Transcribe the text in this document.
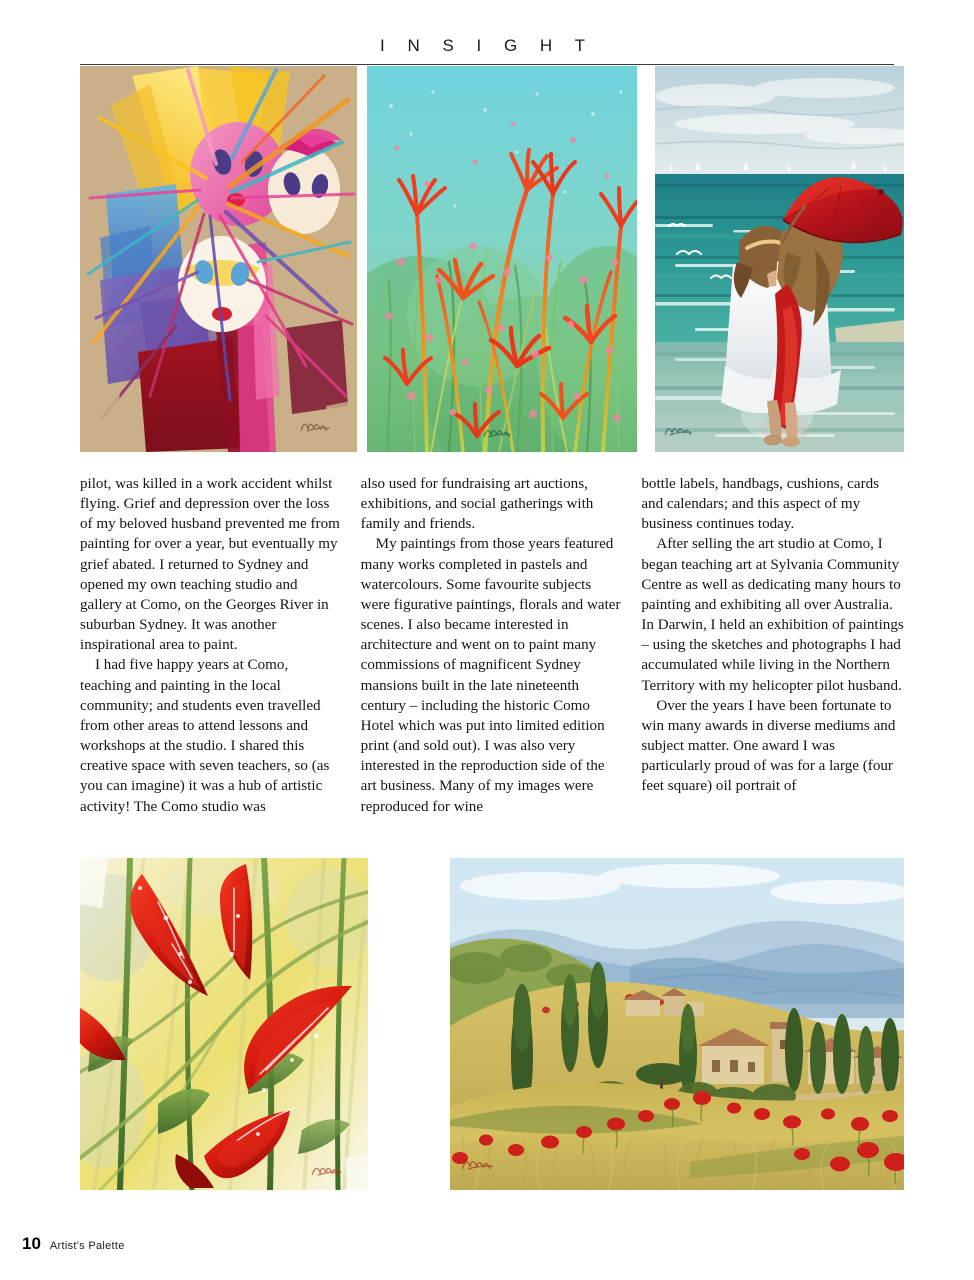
I N S I G H T

pilot, was killed in a work accident whilst flying. Grief and depression over the loss of my beloved husband prevented me from painting for over a year, but eventually my grief abated. I returned to Sydney and opened my own teaching studio and gallery at Como, on the Georges River in suburban Sydney. It was another inspirational area to paint.

I had five happy years at Como, teaching and painting in the local community; and students even travelled from other areas to attend lessons and workshops at the studio. I shared this creative space with seven teachers, so (as you can imagine) it was a hub of artistic activity! The Como studio was

also used for fundraising art auctions, exhibitions, and social gatherings with family and friends.

My paintings from those years featured many works completed in pastels and watercolours. Some favourite subjects were figurative paintings, florals and water scenes. I also became interested in architecture and went on to paint many commissions of magnificent Sydney mansions built in the late nineteenth century – including the historic Como Hotel which was put into limited edition print (and sold out). I was also very interested in the reproduction side of the art business. Many of my images were reproduced for wine

bottle labels, handbags, cushions, cards and calendars; and this aspect of my business continues today.

After selling the art studio at Como, I began teaching art at Sylvania Community Centre as well as dedicating many hours to painting and exhibiting all over Australia. In Darwin, I held an exhibition of paintings – using the sketches and photographs I had accumulated while living in the Northern Territory with my helicopter pilot husband.

Over the years I have been fortunate to win many awards in diverse mediums and subject matter. One award I was particularly proud of was for a large (four feet square) oil portrait of

10 Artist's Palette
